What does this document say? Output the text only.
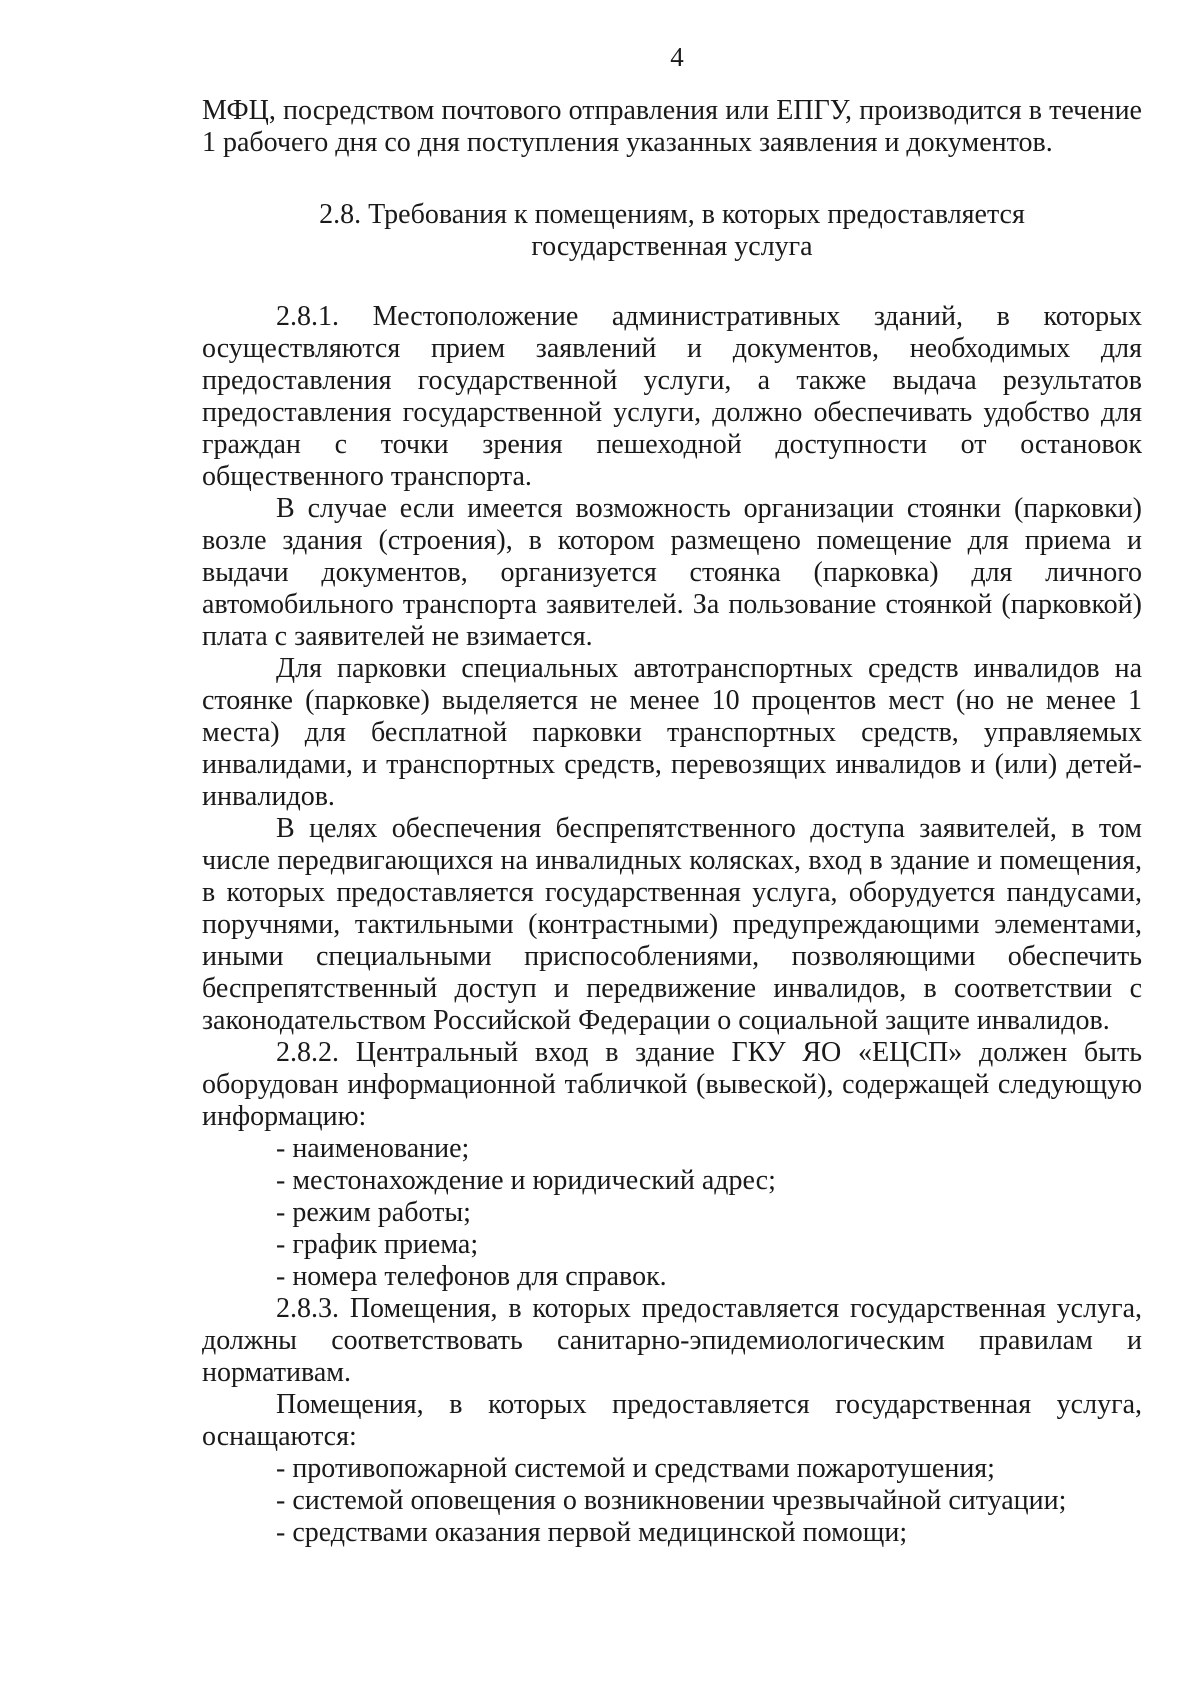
4

МФЦ, посредством почтового отправления или ЕПГУ, производится в течение 1 рабочего дня со дня поступления указанных заявления и документов.

2.8. Требования к помещениям, в которых предоставляется
государственная услуга

2.8.1. Местоположение административных зданий, в которых осуществляются прием заявлений и документов, необходимых для предоставления государственной услуги, а также выдача результатов предоставления государственной услуги, должно обеспечивать удобство для граждан с точки зрения пешеходной доступности от остановок общественного транспорта.

В случае если имеется возможность организации стоянки (парковки) возле здания (строения), в котором размещено помещение для приема и выдачи документов, организуется стоянка (парковка) для личного автомобильного транспорта заявителей. За пользование стоянкой (парковкой) плата с заявителей не взимается.

Для парковки специальных автотранспортных средств инвалидов на стоянке (парковке) выделяется не менее 10 процентов мест (но не менее 1 места) для бесплатной парковки транспортных средств, управляемых инвалидами, и транспортных средств, перевозящих инвалидов и (или) детей-инвалидов.

В целях обеспечения беспрепятственного доступа заявителей, в том числе передвигающихся на инвалидных колясках, вход в здание и помещения, в которых предоставляется государственная услуга, оборудуется пандусами, поручнями, тактильными (контрастными) предупреждающими элементами, иными специальными приспособлениями, позволяющими обеспечить беспрепятственный доступ и передвижение инвалидов, в соответствии с законодательством Российской Федерации о социальной защите инвалидов.

2.8.2. Центральный вход в здание ГКУ ЯО «ЕЦСП» должен быть оборудован информационной табличкой (вывеской), содержащей следующую информацию:

- наименование;

- местонахождение и юридический адрес;

- режим работы;

- график приема;

- номера телефонов для справок.

2.8.3. Помещения, в которых предоставляется государственная услуга, должны соответствовать санитарно-эпидемиологическим правилам и нормативам.

Помещения, в которых предоставляется государственная услуга, оснащаются:

- противопожарной системой и средствами пожаротушения;

- системой оповещения о возникновении чрезвычайной ситуации;

- средствами оказания первой медицинской помощи;
